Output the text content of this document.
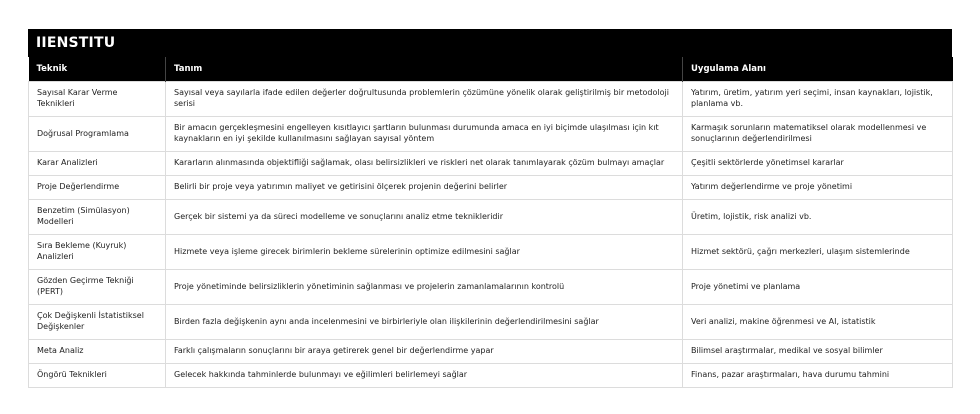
IIENSTITU
Teknik	Tanım	Uygulama Alanı
Sayısal Karar Verme Teknikleri	Sayısal veya sayılarla ifade edilen değerler doğrultusunda problemlerin çözümüne yönelik olarak geliştirilmiş bir metodoloji serisi	Yatırım, üretim, yatırım yeri seçimi, insan kaynakları, lojistik, planlama vb.
Doğrusal Programlama	Bir amacın gerçekleşmesini engelleyen kısıtlayıcı şartların bulunması durumunda amaca en iyi biçimde ulaşılması için kıt kaynakların en iyi şekilde kullanılmasını sağlayan sayısal yöntem	Karmaşık sorunların matematiksel olarak modellenmesi ve sonuçlarının değerlendirilmesi
Karar Analizleri	Kararların alınmasında objektifliği sağlamak, olası belirsizlikleri ve riskleri net olarak tanımlayarak çözüm bulmayı amaçlar	Çeşitli sektörlerde yönetimsel kararlar
Proje Değerlendirme	Belirli bir proje veya yatırımın maliyet ve getirisini ölçerek projenin değerini belirler	Yatırım değerlendirme ve proje yönetimi
Benzetim (Simülasyon) Modelleri	Gerçek bir sistemi ya da süreci modelleme ve sonuçlarını analiz etme teknikleridir	Üretim, lojistik, risk analizi vb.
Sıra Bekleme (Kuyruk) Analizleri	Hizmete veya işleme girecek birimlerin bekleme sürelerinin optimize edilmesini sağlar	Hizmet sektörü, çağrı merkezleri, ulaşım sistemlerinde
Gözden Geçirme Tekniği (PERT)	Proje yönetiminde belirsizliklerin yönetiminin sağlanması ve projelerin zamanlamalarının kontrolü	Proje yönetimi ve planlama
Çok Değişkenli İstatistiksel Değişkenler	Birden fazla değişkenin aynı anda incelenmesini ve birbirleriyle olan ilişkilerinin değerlendirilmesini sağlar	Veri analizi, makine öğrenmesi ve AI, istatistik
Meta Analiz	Farklı çalışmaların sonuçlarını bir araya getirerek genel bir değerlendirme yapar	Bilimsel araştırmalar, medikal ve sosyal bilimler
Öngörü Teknikleri	Gelecek hakkında tahminlerde bulunmayı ve eğilimleri belirlemeyi sağlar	Finans, pazar araştırmaları, hava durumu tahmini
